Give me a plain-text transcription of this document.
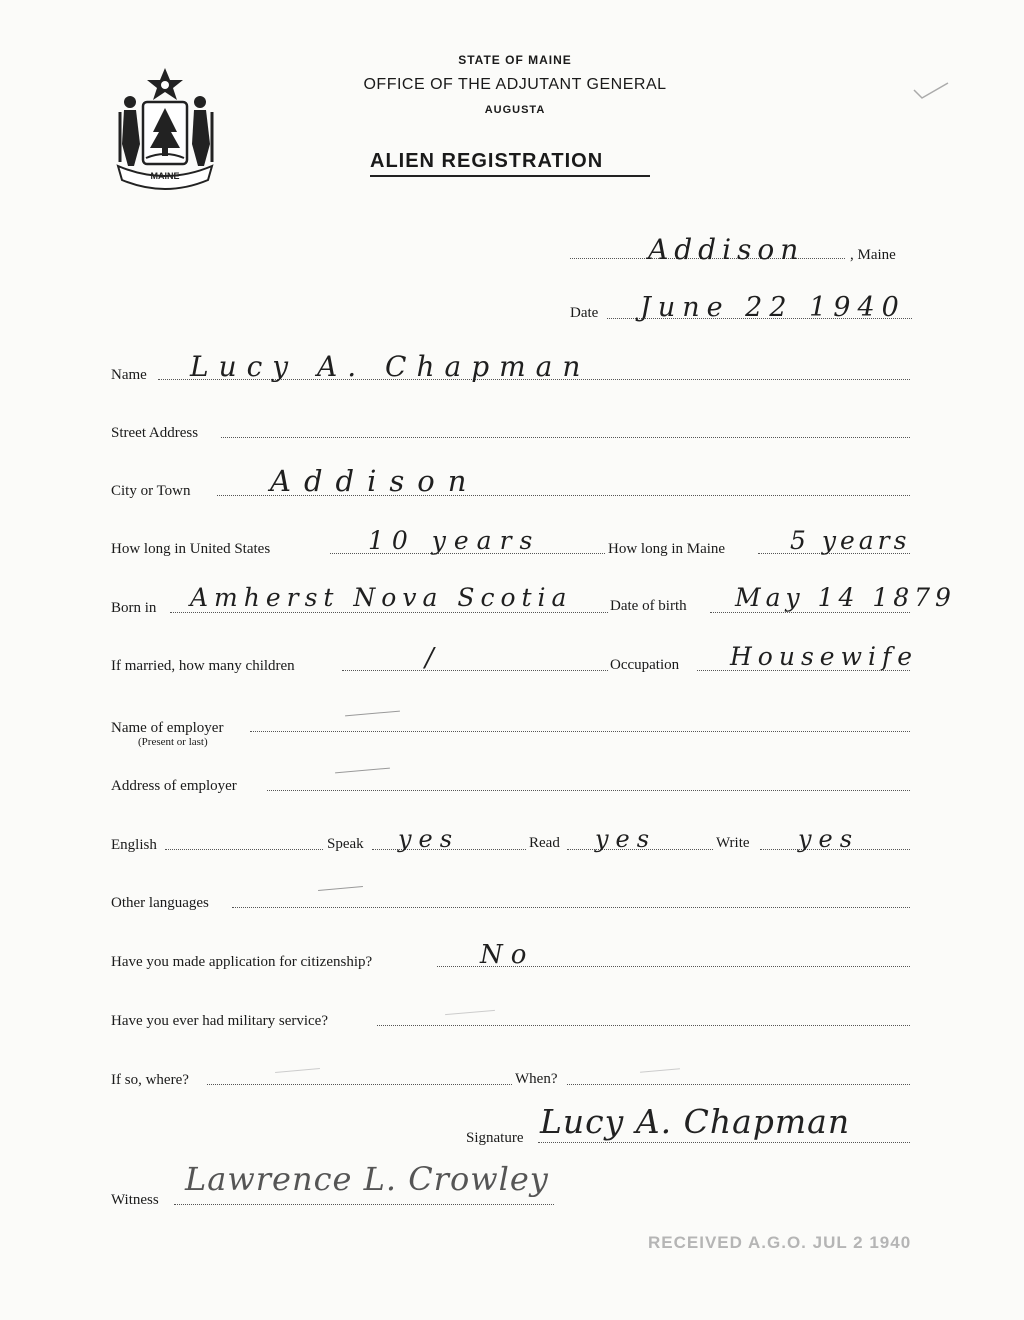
MAINE
STATE OF MAINE
OFFICE OF THE ADJUTANT GENERAL
AUGUSTA
ALIEN REGISTRATION
Addison	, Maine
Date June 22 1940
Name Lucy A. Chapman
Street Address
City or Town	Addison
How long in United States	10 years	How long in Maine	5 years
Born in Amherst Nova Scotia	Date of birth May 14 1879
If married, how many children	/	Occupation Housewife
Name of employer
(Present or last)
Address of employer
English	Speak yes	Read yes	Write yes
Other languages
Have you made application for citizenship?	No
Have you ever had military service?
If so, where?	When?
Signature Lucy A. Chapman
Witness
Lawrence L. Crowley
RECEIVED A.G.O. JUL 2 1940
